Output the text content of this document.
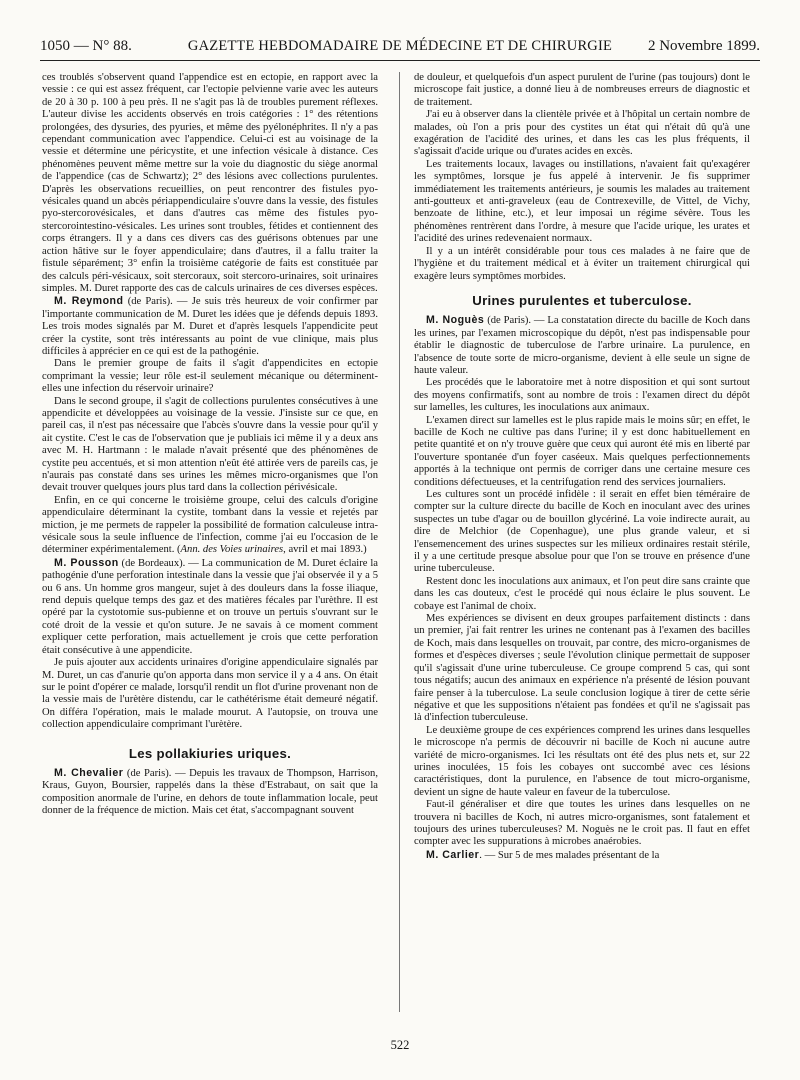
1050 — N° 88.	GAZETTE HEBDOMADAIRE DE MÉDECINE ET DE CHIRURGIE	2 Novembre 1899.

ces troublés s'observent quand l'appendice est en ectopie, en rapport avec la vessie : ce qui est assez fréquent, car l'ectopie pelvienne varie avec les auteurs de 20 à 30 p. 100 à peu près. Il ne s'agit pas là de troubles purement réflexes. L'auteur divise les accidents observés en trois catégories : 1° des rétentions prolongées, des dysuries, des pyuries, et même des pyélonéphrites. Il n'y a pas cependant communication avec l'appendice. Celui-ci est au voisinage de la vessie et détermine une péricystite, et une infection vésicale à distance. Ces phénomènes peuvent même mettre sur la voie du diagnostic du siège anormal de l'appendice (cas de Schwartz); 2° des lésions avec collections purulentes. D'après les observations recueillies, on peut rencontrer des fistules pyo-vésicales quand un abcès périappendiculaire s'ouvre dans la vessie, des fistules pyo-stercorovésicales, et dans d'autres cas même des fistules pyo-stercorointestino-vésicales. Les urines sont troubles, fétides et contiennent des corps étrangers. Il y a dans ces divers cas des guérisons obtenues par une action hâtive sur le foyer appendiculaire; dans d'autres, il a fallu traiter la fistule séparément; 3° enfin la troisième catégorie de faits est constituée par des calculs péri-vésicaux, soit stercoraux, soit stercoro-urinaires, soit urinaires simples. M. Duret rapporte des cas de calculs urinaires de ces diverses espèces.

M. Reymond (de Paris). — Je suis très heureux de voir confirmer par l'importante communication de M. Duret les idées que je défends depuis 1893. Les trois modes signalés par M. Duret et d'après lesquels l'appendicite peut créer la cystite, sont très intéressants au point de vue clinique, mais plus difficiles à apprécier en ce qui est de la pathogénie.

Dans le premier groupe de faits il s'agit d'appendicites en ectopie comprimant la vessie; leur rôle est-il seulement mécanique ou déterminent-elles une infection du réservoir urinaire?

Dans le second groupe, il s'agit de collections purulentes consécutives à une appendicite et développées au voisinage de la vessie. J'insiste sur ce que, en pareil cas, il n'est pas nécessaire que l'abcès s'ouvre dans la vessie pour qu'il y ait cystite. C'est le cas de l'observation que je publiais ici même il y a deux ans avec M. H. Hartmann : le malade n'avait présenté que des phénomènes de cystite peu accentués, et si mon attention n'eût été attirée vers de pareils cas, je n'aurais pas constaté dans ses urines les mêmes micro-organismes que l'on devait trouver quelques jours plus tard dans la collection périvésicale.

Enfin, en ce qui concerne le troisième groupe, celui des calculs d'origine appendiculaire déterminant la cystite, tombant dans la vessie et rejetés par miction, je me permets de rappeler la possibilité de formation calculeuse intra-vésicale sous la seule influence de l'infection, comme j'ai eu l'occasion de le déterminer expérimentalement. (Ann. des Voies urinaires, avril et mai 1893.)

M. Pousson (de Bordeaux). — La communication de M. Duret éclaire la pathogénie d'une perforation intestinale dans la vessie que j'ai observée il y a 5 ou 6 ans. Un homme gros mangeur, sujet à des douleurs dans la fosse iliaque, rend depuis quelque temps des gaz et des matières fécales par l'urèthre. Il est opéré par la cystotomie sus-pubienne et on trouve un pertuis s'ouvrant sur le coté droit de la vessie et qu'on suture. Je ne savais à ce moment comment expliquer cette perforation, mais actuellement je crois que cette perforation était consécutive à une appendicite.

Je puis ajouter aux accidents urinaires d'origine appendiculaire signalés par M. Duret, un cas d'anurie qu'on apporta dans mon service il y a 4 ans. On était sur le point d'opérer ce malade, lorsqu'il rendit un flot d'urine provenant non de la vessie mais de l'urètère distendu, car le cathétérisme était demeuré négatif. On différa l'opération, mais le malade mourut. A l'autopsie, on trouva une collection appendiculaire comprimant l'urètère.

Les pollakiuries uriques.

M. Chevalier (de Paris). — Depuis les travaux de Thompson, Harrison, Kraus, Guyon, Boursier, rappelés dans la thèse d'Estrabaut, on sait que la composition anormale de l'urine, en dehors de toute inflammation locale, peut donner de la fréquence de miction. Mais cet état, s'accompagnant souvent

de douleur, et quelquefois d'un aspect purulent de l'urine (pas toujours) dont le microscope fait justice, a donné lieu à de nombreuses erreurs de diagnostic et de traitement.

J'ai eu à observer dans la clientèle privée et à l'hôpital un certain nombre de malades, où l'on a pris pour des cystites un état qui n'était dû qu'à une exagération de l'acidité des urines, et dans les cas les plus fréquents, il s'agissait d'acide urique ou d'urates acides en excès.

Les traitements locaux, lavages ou instillations, n'avaient fait qu'exagérer les symptômes, lorsque je fus appelé à intervenir. Je fis supprimer immédiatement les traitements antérieurs, je soumis les malades au traitement anti-goutteux et anti-graveleux (eau de Contrexeville, de Vittel, de Vichy, benzoate de lithine, etc.), et leur imposai un régime sévère. Tous les phénomènes rentrèrent dans l'ordre, à mesure que l'acide urique, les urates et l'acidité des urines redevenaient normaux.

Il y a un intérêt considérable pour tous ces malades à ne faire que de l'hygiène et du traitement médical et à éviter un traitement chirurgical qui exagère leurs symptômes morbides.

Urines purulentes et tuberculose.

M. Noguès (de Paris). — La constatation directe du bacille de Koch dans les urines, par l'examen microscopique du dépôt, n'est pas indispensable pour établir le diagnostic de tuberculose de l'arbre urinaire. La purulence, en l'absence de toute sorte de micro-organisme, devient à elle seule un signe de haute valeur.

Les procédés que le laboratoire met à notre disposition et qui sont surtout des moyens confirmatifs, sont au nombre de trois : l'examen direct du dépôt sur lamelles, les cultures, les inoculations aux animaux.

L'examen direct sur lamelles est le plus rapide mais le moins sûr; en effet, le bacille de Koch ne cultive pas dans l'urine; il y est donc habituellement en petite quantité et on n'y trouve guère que ceux qui auront été mis en liberté par l'ouverture spontanée d'un foyer caséeux. Mais quelques perfectionnements apportés à la technique ont permis de corriger dans une certaine mesure ces conditions défectueuses, et la centrifugation rend des services journaliers.

Les cultures sont un procédé infidèle : il serait en effet bien téméraire de compter sur la culture directe du bacille de Koch en inoculant avec des urines suspectes un tube d'agar ou de bouillon glycériné. La voie indirecte aurait, au dire de Melchior (de Copenhague), une plus grande valeur, et si l'ensemencement des urines suspectes sur les milieux ordinaires restait stérile, il y a une certitude presque absolue pour que l'on se trouve en présence d'une urine tuberculeuse.

Restent donc les inoculations aux animaux, et l'on peut dire sans crainte que dans les cas douteux, c'est le procédé qui nous éclaire le plus souvent. Le cobaye est l'animal de choix.

Mes expériences se divisent en deux groupes parfaitement distincts : dans un premier, j'ai fait rentrer les urines ne contenant pas à l'examen des bacilles de Koch, mais dans lesquelles on trouvait, par contre, des micro-organismes de formes et d'espèces diverses ; seule l'évolution clinique permettait de supposer qu'il s'agissait d'une urine tuberculeuse. Ce groupe comprend 5 cas, qui sont tous négatifs; aucun des animaux en expérience n'a présenté de lésion pouvant faire penser à la tuberculose. La seule conclusion logique à tirer de cette série négative et que les suppositions n'étaient pas fondées et qu'il ne s'agissait pas là d'infection tuberculeuse.

Le deuxième groupe de ces expériences comprend les urines dans lesquelles le microscope n'a permis de découvrir ni bacille de Koch ni aucune autre variété de micro-organismes. Ici les résultats ont été des plus nets et, sur 22 urines inoculées, 15 fois les cobayes ont succombé avec ces lésions caractéristiques, dont la purulence, en l'absence de tout micro-organisme, devient un signe de haute valeur en faveur de la tuberculose.

Faut-il généraliser et dire que toutes les urines dans lesquelles on ne trouvera ni bacilles de Koch, ni autres micro-organismes, sont fatalement et toujours des urines tuberculeuses? M. Noguès ne le croit pas. Il faut en effet compter avec les suppurations à microbes anaérobies.

M. Carlier. — Sur 5 de mes malades présentant de la

522
